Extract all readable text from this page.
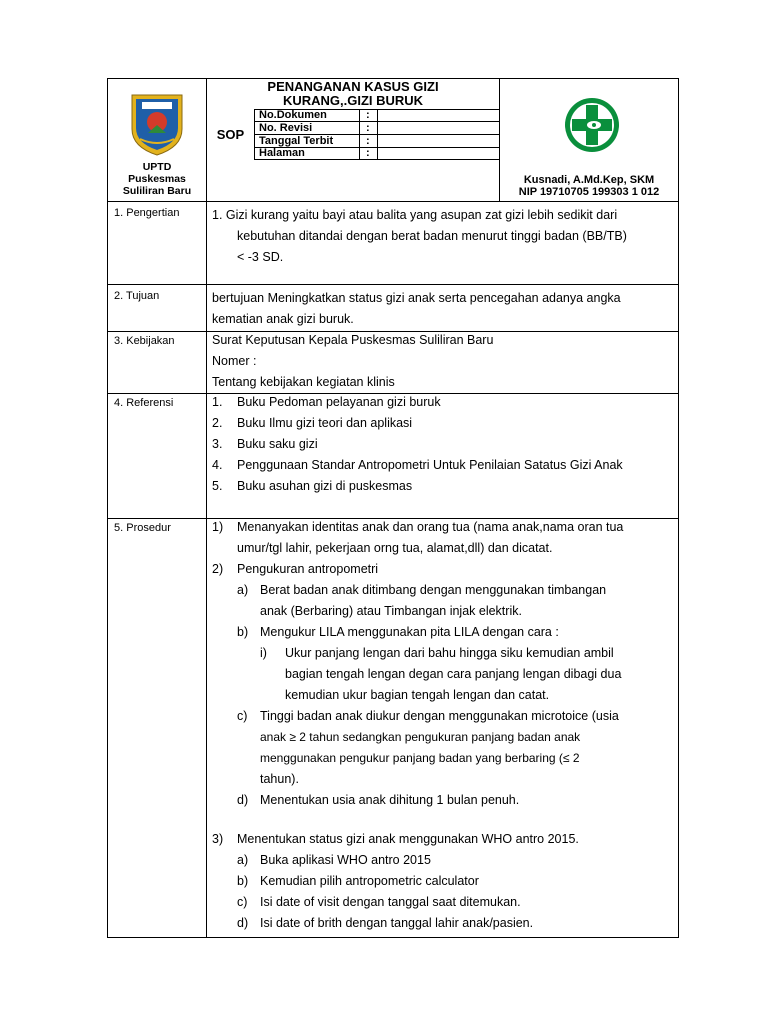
UPTD
Puskesmas
Suliliran Baru
PENANGANAN KASUS GIZI
KURANG,.GIZI BURUK
SOP
No.Dokumen	:
No. Revisi	:
Tanggal Terbit	:
Halaman	:
Kusnadi, A.Md.Kep, SKM
NIP 19710705 199303 1 012
1. Pengertian	1. Gizi kurang yaitu bayi atau balita yang asupan zat gizi lebih sedikit dari
kebutuhan ditandai dengan berat badan menurut tinggi badan (BB/TB)
< -3 SD.
2. Tujuan	bertujuan Meningkatkan status gizi anak serta pencegahan adanya angka
kematian anak gizi buruk.
3. Kebijakan	Surat Keputusan Kepala Puskesmas Suliliran Baru
Nomer :
Tentang kebijakan kegiatan klinis
4. Referensi	1. Buku Pedoman pelayanan gizi buruk
2. Buku Ilmu gizi teori dan aplikasi
3. Buku saku gizi
4. Penggunaan Standar Antropometri Untuk Penilaian Satatus Gizi Anak
5. Buku asuhan gizi di puskesmas
5. Prosedur	1) Menanyakan identitas anak dan orang tua (nama anak,nama oran tua
umur/tgl lahir, pekerjaan orng tua, alamat,dll) dan dicatat.
2) Pengukuran antropometri
a) Berat badan anak ditimbang dengan menggunakan timbangan
anak (Berbaring) atau Timbangan injak elektrik.
b) Mengukur LILA menggunakan pita LILA dengan cara :
i) Ukur panjang lengan dari bahu hingga siku kemudian ambil
bagian tengah lengan degan cara panjang lengan dibagi dua
kemudian ukur bagian tengah lengan dan catat.
c) Tinggi badan anak diukur dengan menggunakan microtoice (usia
anak ≥ 2 tahun sedangkan pengukuran panjang badan anak
menggunakan pengukur panjang badan yang berbaring (≤ 2
tahun).
d) Menentukan usia anak dihitung 1 bulan penuh.
3) Menentukan status gizi anak menggunakan WHO antro 2015.
a) Buka aplikasi WHO antro 2015
b) Kemudian pilih antropometric calculator
c) Isi date of visit dengan tanggal saat ditemukan.
d) Isi date of brith dengan tanggal lahir anak/pasien.
